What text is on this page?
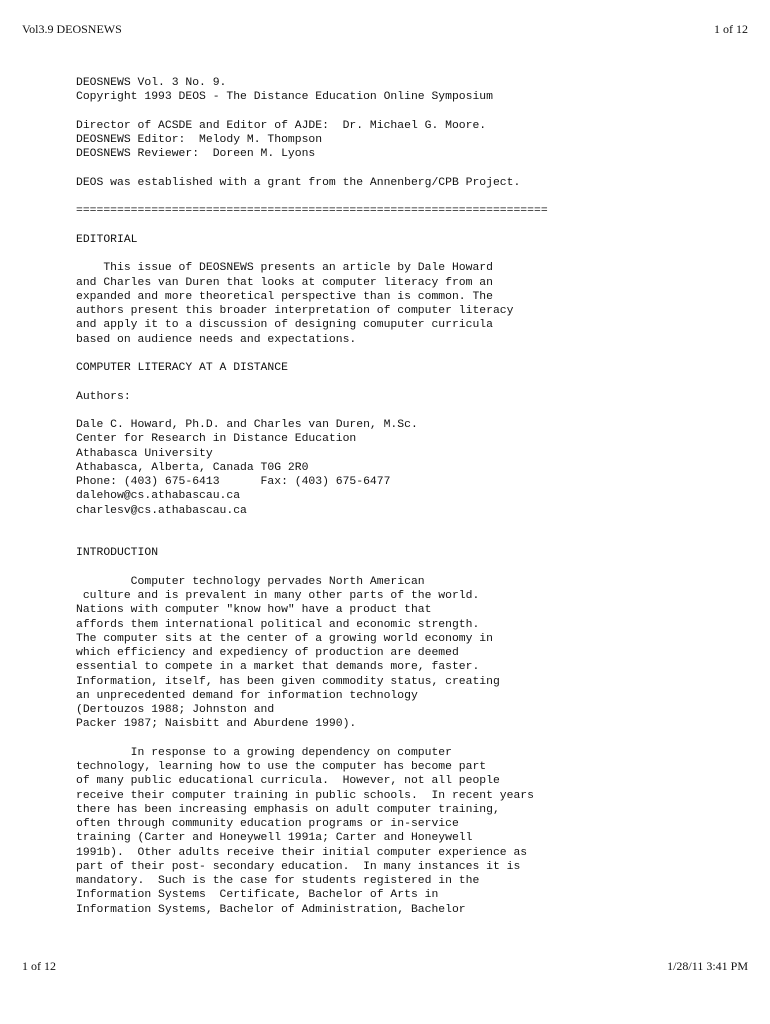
Vol3.9 DEOSNEWS	1 of 12
DEOSNEWS Vol. 3 No. 9.
Copyright 1993 DEOS - The Distance Education Online Symposium
Director of ACSDE and Editor of AJDE:  Dr. Michael G. Moore.
DEOSNEWS Editor:  Melody M. Thompson
DEOSNEWS Reviewer:  Doreen M. Lyons
DEOS was established with a grant from the Annenberg/CPB Project.
=====================================================================
EDITORIAL
This issue of DEOSNEWS presents an article by Dale Howard
and Charles van Duren that looks at computer literacy from an
expanded and more theoretical perspective than is common. The
authors present this broader interpretation of computer literacy
and apply it to a discussion of designing comuputer curricula
based on audience needs and expectations.
COMPUTER LITERACY AT A DISTANCE
Authors:
Dale C. Howard, Ph.D. and Charles van Duren, M.Sc.
Center for Research in Distance Education
Athabasca University
Athabasca, Alberta, Canada T0G 2R0
Phone: (403) 675-6413      Fax: (403) 675-6477
dalehow@cs.athabascau.ca
charlesv@cs.athabascau.ca
INTRODUCTION
Computer technology pervades North American
culture and is prevalent in many other parts of the world.
Nations with computer "know how" have a product that
affords them international political and economic strength.
The computer sits at the center of a growing world economy in
which efficiency and expediency of production are deemed
essential to compete in a market that demands more, faster.
Information, itself, has been given commodity status, creating
an unprecedented demand for information technology
(Dertouzos 1988; Johnston and
Packer 1987; Naisbitt and Aburdene 1990).
In response to a growing dependency on computer
technology, learning how to use the computer has become part
of many public educational curricula.  However, not all people
receive their computer training in public schools.  In recent years
there has been increasing emphasis on adult computer training,
often through community education programs or in-service
training (Carter and Honeywell 1991a; Carter and Honeywell
1991b).  Other adults receive their initial computer experience as
part of their post- secondary education.  In many instances it is
mandatory.  Such is the case for students registered in the
Information Systems  Certificate, Bachelor of Arts in
Information Systems, Bachelor of Administration, Bachelor
1 of 12	1/28/11 3:41 PM
